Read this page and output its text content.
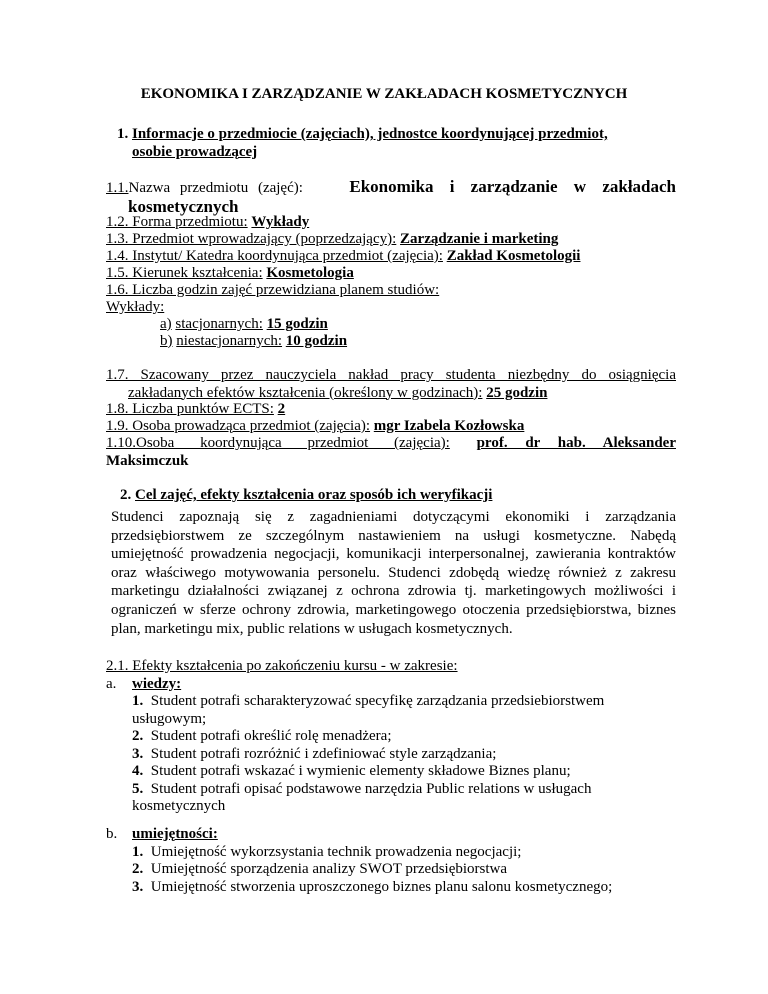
EKONOMIKA I ZARZĄDZANIE W ZAKŁADACH KOSMETYCZNYCH
1. Informacje o przedmiocie (zajęciach), jednostce koordynującej przedmiot,
osobie prowadzącej
1.1.Nazwa przedmiotu (zajęć):	Ekonomika i zarządzanie w zakładach
kosmetycznych
1.2. Forma przedmiotu: Wykłady
1.3. Przedmiot wprowadzający (poprzedzający): Zarządzanie i marketing
1.4. Instytut/ Katedra koordynująca przedmiot (zajęcia): Zakład Kosmetologii
1.5. Kierunek kształcenia: Kosmetologia
1.6. Liczba godzin zajęć przewidziana planem studiów:
Wykłady:
a) stacjonarnych: 15 godzin
b) niestacjonarnych: 10 godzin
1.7. Szacowany przez nauczyciela nakład pracy studenta niezbędny do osiągnięcia
zakładanych efektów kształcenia (określony w godzinach): 25 godzin
1.8. Liczba punktów ECTS: 2
1.9. Osoba prowadząca przedmiot (zajęcia): mgr Izabela Kozłowska
1.10.Osoba koordynująca przedmiot (zajęcia): prof. dr hab. Aleksander
Maksimczuk
2. Cel zajęć, efekty kształcenia oraz sposób ich weryfikacji
Studenci zapoznają się z zagadnieniami dotyczącymi ekonomiki i zarządzania przedsiębiorstwem ze szczególnym nastawieniem na usługi kosmetyczne. Nabędą umiejętność prowadzenia negocjacji, komunikacji interpersonalnej, zawierania kontraktów oraz właściwego motywowania personelu. Studenci zdobędą wiedzę również z zakresu marketingu działalności związanej z ochrona zdrowia tj. marketingowych możliwości i ograniczeń w sferze ochrony zdrowia, marketingowego otoczenia przedsiębiorstwa, biznes plan, marketingu mix, public relations w usługach kosmetycznych.
2.1. Efekty kształcenia po zakończeniu kursu - w zakresie:
a. wiedzy:
1. Student potrafi scharakteryzować specyfikę zarządzania przedsiebiorstwem
usługowym;
2. Student potrafi określić rolę menadżera;
3. Student potrafi rozróżnić i zdefiniować style zarządzania;
4. Student potrafi wskazać i wymienic elementy składowe Biznes planu;
5. Student potrafi opisać podstawowe narzędzia Public relations w usługach
kosmetycznych
b. umiejętności:
1. Umiejętność wykorzsystania technik prowadzenia negocjacji;
2. Umiejętność sporządzenia analizy SWOT przedsiębiorstwa
3. Umiejętność stworzenia uproszczonego biznes planu salonu kosmetycznego;
